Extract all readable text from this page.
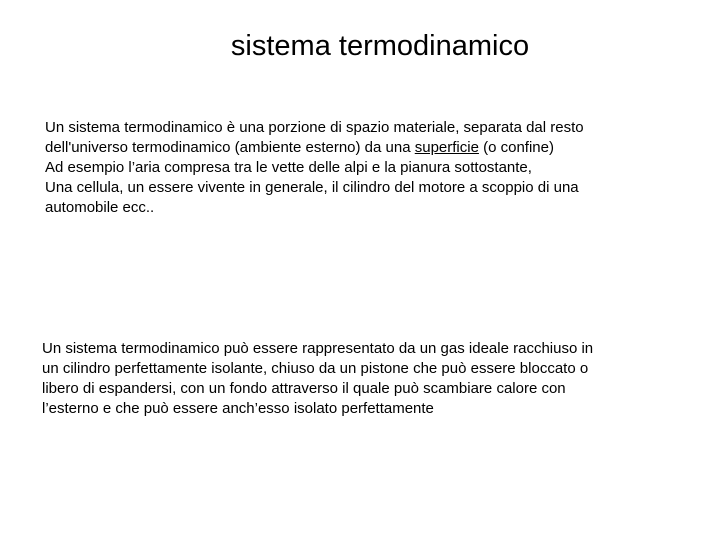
sistema termodinamico
Un sistema termodinamico è una porzione di spazio materiale, separata dal resto
dell'universo termodinamico (ambiente esterno) da una superficie (o confine)
Ad esempio l’aria compresa tra le vette delle alpi e la pianura sottostante,
Una cellula, un essere vivente in generale, il cilindro del motore a scoppio di una
automobile ecc..
Un sistema termodinamico può essere rappresentato da un gas ideale racchiuso in
un cilindro perfettamente isolante, chiuso da un pistone che può essere bloccato o
libero di espandersi, con un fondo attraverso il quale può scambiare calore con
l’esterno e che può essere anch’esso isolato perfettamente
